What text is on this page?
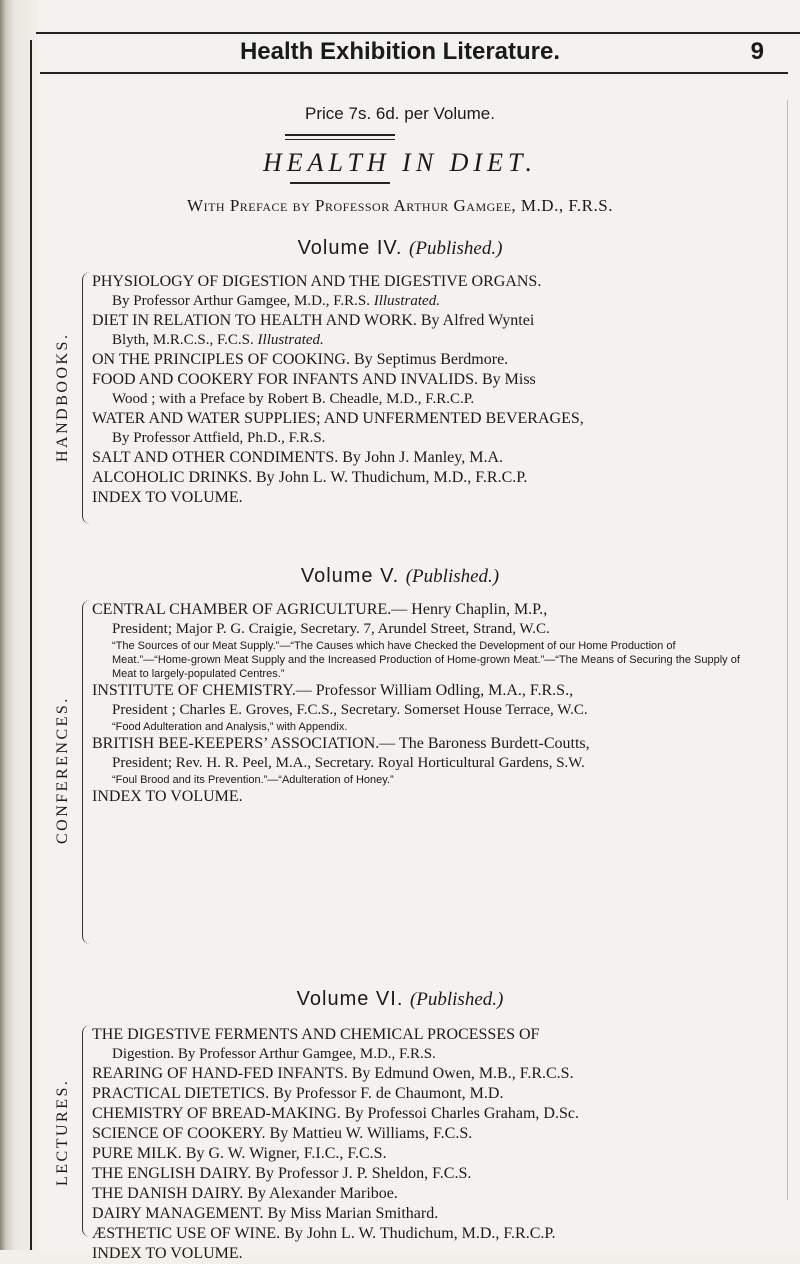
Health Exhibition Literature.	9
Price 7s. 6d. per Volume.
HEALTH IN DIET.
With Preface by Professor Arthur Gamgee, M.D., F.R.S.
Volume IV. (Published.)
HANDBOOKS.
PHYSIOLOGY OF DIGESTION AND THE DIGESTIVE ORGANS.
By Professor Arthur Gamgee, M.D., F.R.S. Illustrated.
DIET IN RELATION TO HEALTH AND WORK. By Alfred Wyntei
Blyth, M.R.C.S., F.C.S. Illustrated.
ON THE PRINCIPLES OF COOKING. By Septimus Berdmore.
FOOD AND COOKERY FOR INFANTS AND INVALIDS. By Miss
Wood ; with a Preface by Robert B. Cheadle, M.D., F.R.C.P.
WATER AND WATER SUPPLIES; AND UNFERMENTED BEVERAGES,
By Professor Attfield, Ph.D., F.R.S.
SALT AND OTHER CONDIMENTS. By John J. Manley, M.A.
ALCOHOLIC DRINKS. By John L. W. Thudichum, M.D., F.R.C.P.
INDEX TO VOLUME.
Volume V. (Published.)
CONFERENCES.
CENTRAL CHAMBER OF AGRICULTURE.— Henry Chaplin, M.P.,
President; Major P. G. Craigie, Secretary. 7, Arundel Street, Strand, W.C.
“The Sources of our Meat Supply.”—“The Causes which have Checked the Development of our Home Production of Meat.”—“Home-grown Meat Supply and the Increased Production of Home-grown Meat.”—“The Means of Securing the Supply of Meat to largely-populated Centres.”
INSTITUTE OF CHEMISTRY.— Professor William Odling, M.A., F.R.S.,
President ; Charles E. Groves, F.C.S., Secretary. Somerset House Terrace, W.C.
“Food Adulteration and Analysis,” with Appendix.
BRITISH BEE-KEEPERS’ ASSOCIATION.— The Baroness Burdett-Coutts,
President; Rev. H. R. Peel, M.A., Secretary. Royal Horticultural Gardens, S.W.
“Foul Brood and its Prevention.”—“Adulteration of Honey.”
INDEX TO VOLUME.
Volume VI. (Published.)
LECTURES.
THE DIGESTIVE FERMENTS AND CHEMICAL PROCESSES OF
Digestion. By Professor Arthur Gamgee, M.D., F.R.S.
REARING OF HAND-FED INFANTS. By Edmund Owen, M.B., F.R.C.S.
PRACTICAL DIETETICS. By Professor F. de Chaumont, M.D.
CHEMISTRY OF BREAD-MAKING. By Professoi Charles Graham, D.Sc.
SCIENCE OF COOKERY. By Mattieu W. Williams, F.C.S.
PURE MILK. By G. W. Wigner, F.I.C., F.C.S.
THE ENGLISH DAIRY. By Professor J. P. Sheldon, F.C.S.
THE DANISH DAIRY. By Alexander Mariboe.
DAIRY MANAGEMENT. By Miss Marian Smithard.
ÆSTHETIC USE OF WINE. By John L. W. Thudichum, M.D., F.R.C.P.
INDEX TO VOLUME.
